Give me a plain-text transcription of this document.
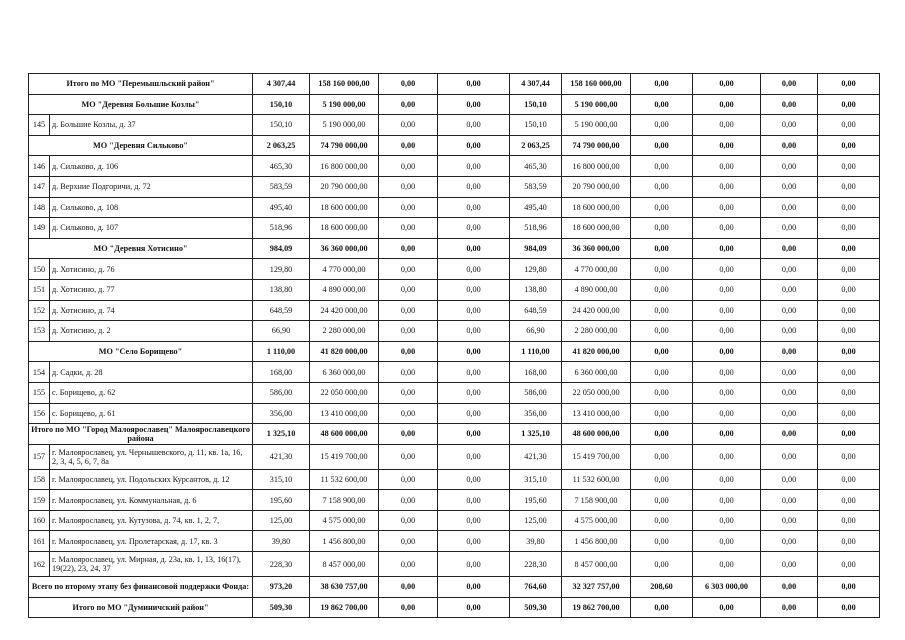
Итого по МО "Перемышльский район"		4 307,44	158 160 000,00	0,00	0,00	4 307,44	158 160 000,00	0,00	0,00	0,00	0,00
МО "Деревня Большие Козлы"		150,10	5 190 000,00	0,00	0,00	150,10	5 190 000,00	0,00	0,00	0,00	0,00
145	д. Большие Козлы, д. 37	150,10	5 190 000,00	0,00	0,00	150,10	5 190 000,00	0,00	0,00	0,00	0,00
МО "Деревня Сильково"		2 063,25	74 790 000,00	0,00	0,00	2 063,25	74 790 000,00	0,00	0,00	0,00	0,00
146	д. Сильково, д. 106	465,30	16 800 000,00	0,00	0,00	465,30	16 800 000,00	0,00	0,00	0,00	0,00
147	д. Верхние Подгоричи, д. 72	583,59	20 790 000,00	0,00	0,00	583,59	20 790 000,00	0,00	0,00	0,00	0,00
148	д. Сильково, д. 108	495,40	18 600 000,00	0,00	0,00	495,40	18 600 000,00	0,00	0,00	0,00	0,00
149	д. Сильково, д. 107	518,96	18 600 000,00	0,00	0,00	518,96	18 600 000,00	0,00	0,00	0,00	0,00
МО "Деревня Хотисино"		984,09	36 360 000,00	0,00	0,00	984,09	36 360 000,00	0,00	0,00	0,00	0,00
150	д. Хотисино, д. 76	129,80	4 770 000,00	0,00	0,00	129,80	4 770 000,00	0,00	0,00	0,00	0,00
151	д. Хотисино, д. 77	138,80	4 890 000,00	0,00	0,00	138,80	4 890 000,00	0,00	0,00	0,00	0,00
152	д. Хотисино, д. 74	648,59	24 420 000,00	0,00	0,00	648,59	24 420 000,00	0,00	0,00	0,00	0,00
153	д. Хотисино, д. 2	66,90	2 280 000,00	0,00	0,00	66,90	2 280 000,00	0,00	0,00	0,00	0,00
МО "Село Борищево"		1 110,00	41 820 000,00	0,00	0,00	1 110,00	41 820 000,00	0,00	0,00	0,00	0,00
154	д. Садки, д. 28	168,00	6 360 000,00	0,00	0,00	168,00	6 360 000,00	0,00	0,00	0,00	0,00
155	с. Борищево, д. 62	586,00	22 050 000,00	0,00	0,00	586,00	22 050 000,00	0,00	0,00	0,00	0,00
156	с. Борищево, д. 61	356,00	13 410 000,00	0,00	0,00	356,00	13 410 000,00	0,00	0,00	0,00	0,00
Итого по МО "Город Малоярославец" Малоярославецкого района		1 325,10	48 600 000,00	0,00	0,00	1 325,10	48 600 000,00	0,00	0,00	0,00	0,00
157	г. Малоярославец, ул. Чернышевского, д. 11, кв. 1а, 16, 2, 3, 4, 5, 6, 7, 8а	421,30	15 419 700,00	0,00	0,00	421,30	15 419 700,00	0,00	0,00	0,00	0,00
158	г. Малоярославец, ул. Подольских Курсантов, д. 12	315,10	11 532 600,00	0,00	0,00	315,10	11 532 600,00	0,00	0,00	0,00	0,00
159	г. Малоярославец, ул. Коммунальная, д. 6	195,60	7 158 900,00	0,00	0,00	195,60	7 158 900,00	0,00	0,00	0,00	0,00
160	г. Малоярославец, ул. Кутузова, д. 74, кв. 1, 2, 7,	125,00	4 575 000,00	0,00	0,00	125,00	4 575 000,00	0,00	0,00	0,00	0,00
161	г. Малоярославец, ул. Пролетарская, д. 17, кв. 3	39,80	1 456 800,00	0,00	0,00	39,80	1 456 800,00	0,00	0,00	0,00	0,00
162	г. Малоярославец, ул. Мирная, д. 23а, кв. 1, 13, 16(17), 19(22), 23, 24, 37	228,30	8 457 000,00	0,00	0,00	228,30	8 457 000,00	0,00	0,00	0,00	0,00
Всего по второму этапу без финансовой поддержки Фонда:		973,20	38 630 757,00	0,00	0,00	764,60	32 327 757,00	208,60	6 303 000,00	0,00	0,00
Итого по МО "Думиничский район"		509,30	19 862 700,00	0,00	0,00	509,30	19 862 700,00	0,00	0,00	0,00	0,00
